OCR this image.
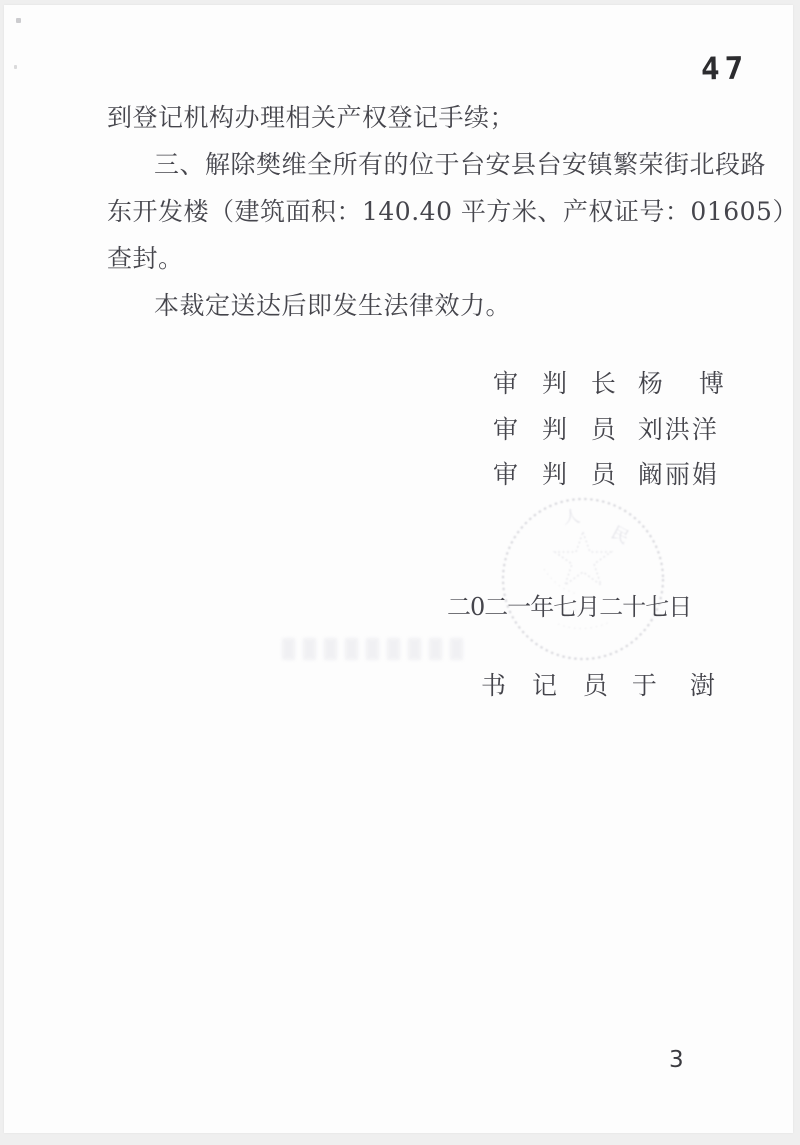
47
到登记机构办理相关产权登记手续；
三、解除樊维全所有的位于台安县台安镇繁荣街北段路
东开发楼（建筑面积：140.40 平方米、产权证号：01605）
查封。
本裁定送达后即发生法律效力。
审 判 长 杨 博
审 判 员 刘洪洋
审 判 员 阚丽娟
人
民
二0二一年七月二十七日
书 记 员 于 澍
3
